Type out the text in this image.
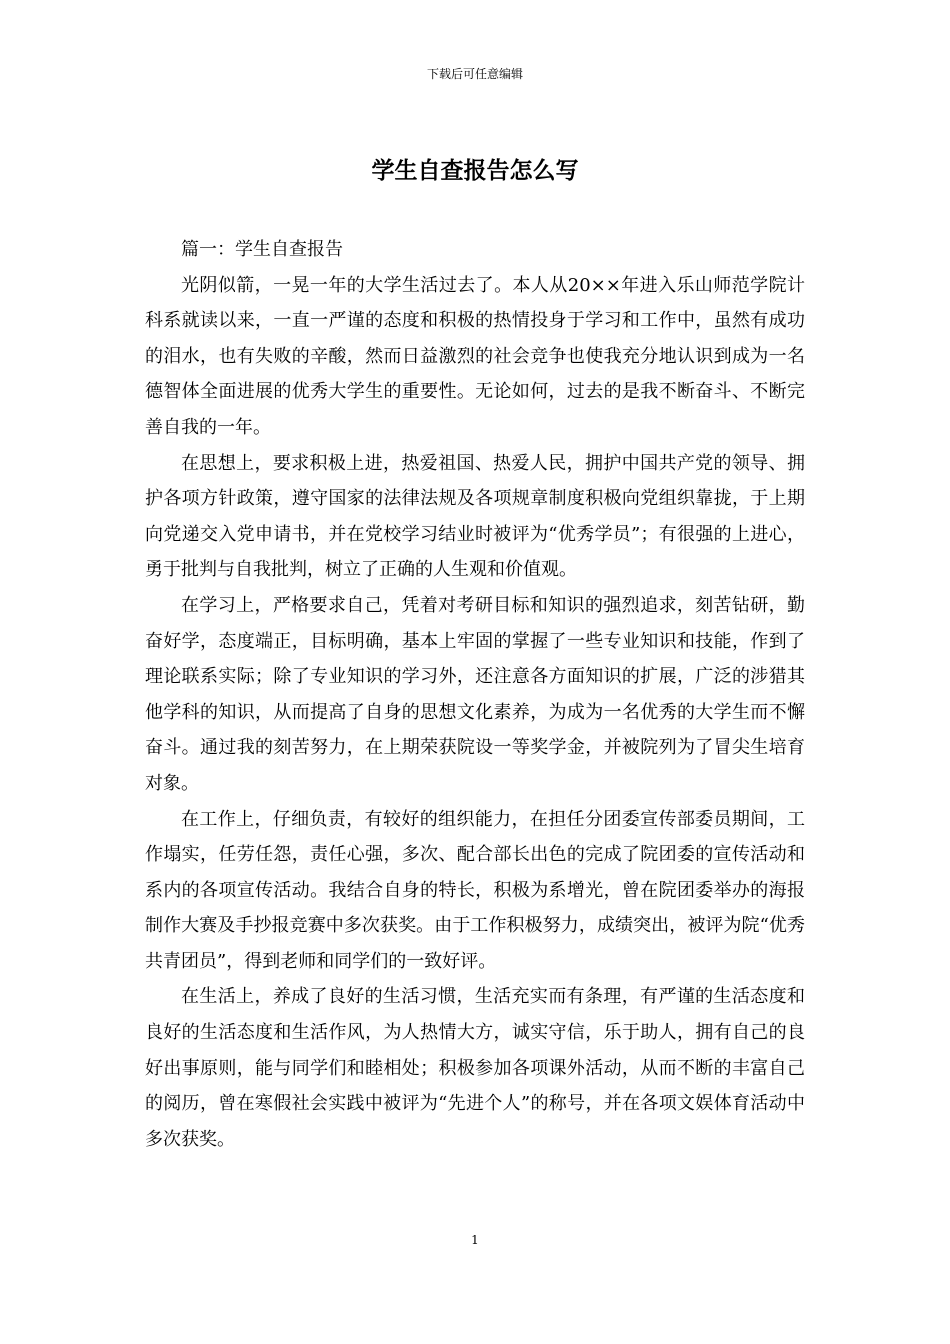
下载后可任意编辑
学生自查报告怎么写
篇一：学生自查报告

光阴似箭，一晃一年的大学生活过去了。本人从20××年进入乐山师范学院计科系就读以来，一直一严谨的态度和积极的热情投身于学习和工作中，虽然有成功的泪水，也有失败的辛酸，然而日益激烈的社会竞争也使我充分地认识到成为一名德智体全面进展的优秀大学生的重要性。无论如何，过去的是我不断奋斗、不断完善自我的一年。

在思想上，要求积极上进，热爱祖国、热爱人民，拥护中国共产党的领导、拥护各项方针政策，遵守国家的法律法规及各项规章制度积极向党组织靠拢，于上期向党递交入党申请书，并在党校学习结业时被评为“优秀学员”；有很强的上进心，勇于批判与自我批判，树立了正确的人生观和价值观。

在学习上，严格要求自己，凭着对考研目标和知识的强烈追求，刻苦钻研，勤奋好学，态度端正，目标明确，基本上牢固的掌握了一些专业知识和技能，作到了理论联系实际；除了专业知识的学习外，还注意各方面知识的扩展，广泛的涉猎其他学科的知识，从而提高了自身的思想文化素养，为成为一名优秀的大学生而不懈奋斗。通过我的刻苦努力，在上期荣获院设一等奖学金，并被院列为了冒尖生培育对象。

在工作上，仔细负责，有较好的组织能力，在担任分团委宣传部委员期间，工作塌实，任劳任怨，责任心强，多次、配合部长出色的完成了院团委的宣传活动和系内的各项宣传活动。我结合自身的特长，积极为系增光，曾在院团委举办的海报制作大赛及手抄报竞赛中多次获奖。由于工作积极努力，成绩突出，被评为院“优秀共青团员”，得到老师和同学们的一致好评。

在生活上，养成了良好的生活习惯，生活充实而有条理，有严谨的生活态度和良好的生活态度和生活作风，为人热情大方，诚实守信，乐于助人，拥有自己的良好出事原则，能与同学们和睦相处；积极参加各项课外活动，从而不断的丰富自己的阅历，曾在寒假社会实践中被评为“先进个人”的称号，并在各项文娱体育活动中多次获奖。

1
